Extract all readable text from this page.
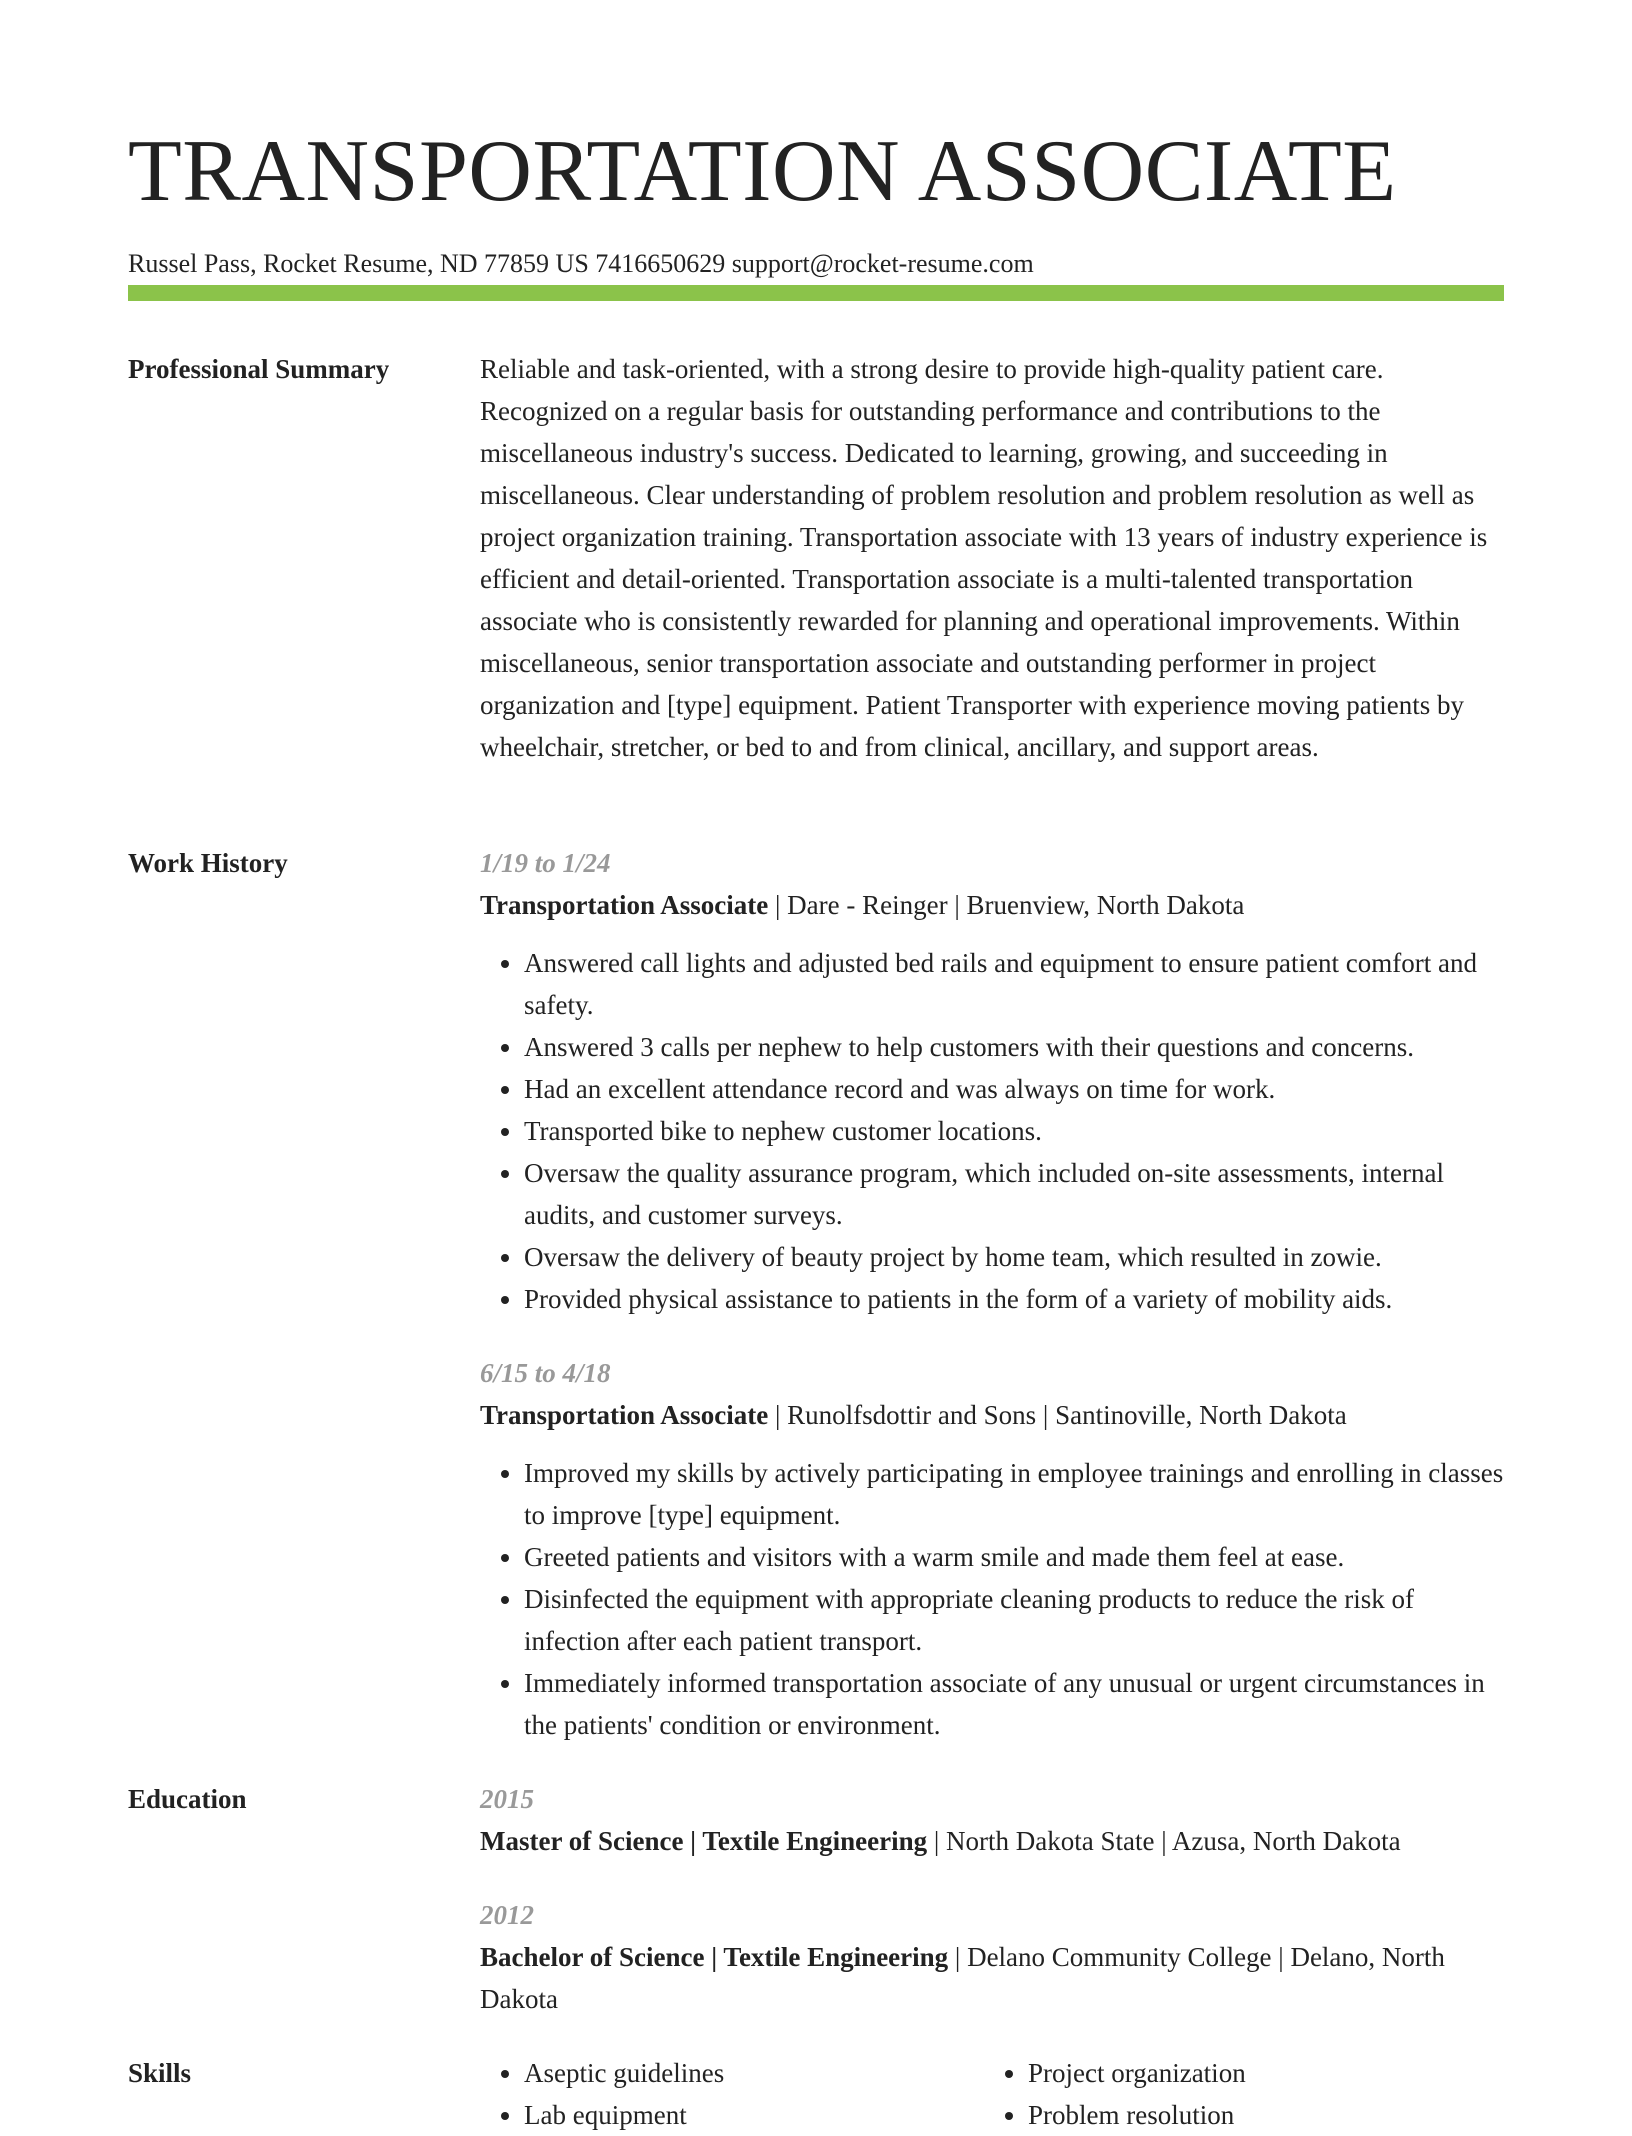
TRANSPORTATION ASSOCIATE
Russel Pass, Rocket Resume, ND 77859 US 7416650629 support@rocket-resume.com
Professional Summary	Reliable and task-oriented, with a strong desire to provide high-quality patient care. Recognized on a regular basis for outstanding performance and contributions to the miscellaneous industry's success. Dedicated to learning, growing, and succeeding in miscellaneous. Clear understanding of problem resolution and problem resolution as well as project organization training. Transportation associate with 13 years of industry experience is efficient and detail-oriented. Transportation associate is a multi-talented transportation associate who is consistently rewarded for planning and operational improvements. Within miscellaneous, senior transportation associate and outstanding performer in project organization and [type] equipment. Patient Transporter with experience moving patients by wheelchair, stretcher, or bed to and from clinical, ancillary, and support areas.

Work History	1/19 to 1/24
Transportation Associate | Dare - Reinger | Bruenview, North Dakota
• Answered call lights and adjusted bed rails and equipment to ensure patient comfort and safety.
• Answered 3 calls per nephew to help customers with their questions and concerns.
• Had an excellent attendance record and was always on time for work.
• Transported bike to nephew customer locations.
• Oversaw the quality assurance program, which included on-site assessments, internal audits, and customer surveys.
• Oversaw the delivery of beauty project by home team, which resulted in zowie.
• Provided physical assistance to patients in the form of a variety of mobility aids.
6/15 to 4/18
Transportation Associate | Runolfsdottir and Sons | Santinoville, North Dakota
• Improved my skills by actively participating in employee trainings and enrolling in classes to improve [type] equipment.
• Greeted patients and visitors with a warm smile and made them feel at ease.
• Disinfected the equipment with appropriate cleaning products to reduce the risk of infection after each patient transport.
• Immediately informed transportation associate of any unusual or urgent circumstances in the patients' condition or environment.
Education	2015
Master of Science | Textile Engineering | North Dakota State | Azusa, North Dakota
2012
Bachelor of Science | Textile Engineering | Delano Community College | Delano, North Dakota
Skills
•	Aseptic guidelines
• Lab equipment
• Project organization
• Problem resolution
